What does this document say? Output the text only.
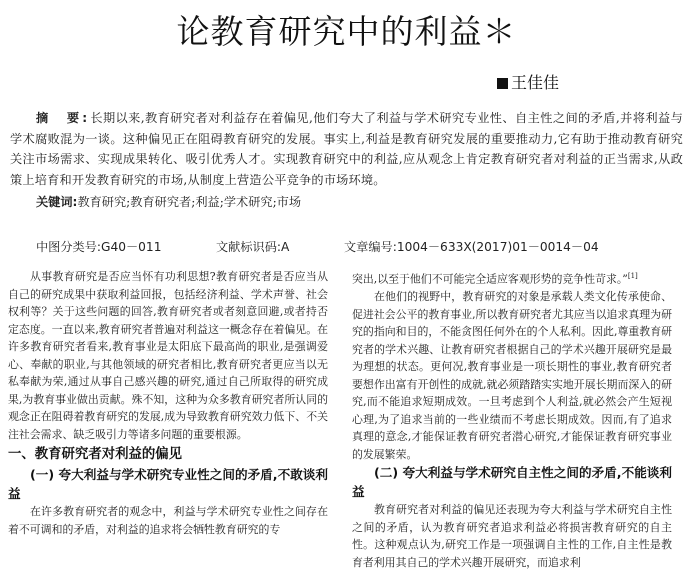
论教育研究中的利益＊
王佳佳

摘　要:长期以来,教育研究者对利益存在着偏见,他们夸大了利益与学术研究专业性、自主性之间的矛盾,并将利益与学术腐败混为一谈。这种偏见正在阻碍教育研究的发展。事实上,利益是教育研究发展的重要推动力,它有助于推动教育研究关注市场需求、实现成果转化、吸引优秀人才。实现教育研究中的利益,应从观念上肯定教育研究者对利益的正当需求,从政策上培育和开发教育研究的市场,从制度上营造公平竞争的市场环境。

关键词:教育研究;教育研究者;利益;学术研究;市场

中图分类号:G40－011	文献标识码:A	文章编号:1004－633X(2017)01－0014－04

从事教育研究是否应当怀有功利思想?教育研究者是否应当从自己的研究成果中获取利益回报，包括经济利益、学术声誉、社会权利等？关于这些问题的回答,教育研究者或者刻意回避,或者持否定态度。一直以来,教育研究者普遍对利益这一概念存在着偏见。在许多教育研究者看来,教育事业是太阳底下最高尚的职业,是强调爱心、奉献的职业,与其他领域的研究者相比,教育研究者更应当以无私奉献为荣,通过从事自己感兴趣的研究,通过自己所取得的研究成果,为教育事业做出贡献。殊不知，这种为众多教育研究者所认同的观念正在阻碍着教育研究的发展,成为导致教育研究效力低下、不关注社会需求、缺乏吸引力等诸多问题的重要根源。

一、教育研究者对利益的偏见
(一) 夸大利益与学术研究专业性之间的矛盾,不敢谈利益

在许多教育研究者的观念中，利益与学术研究专业性之间存在着不可调和的矛盾，对利益的追求将会牺牲教育研究的专

突出,以至于他们不可能完全适应客观形势的竞争性苛求。”[1]

在他们的视野中，教育研究的对象是承载人类文化传承使命、促进社会公平的教育事业,所以教育研究者尤其应当以追求真理为研究的指向和目的，不能贪图任何外在的个人私利。因此,尊重教育研究者的学术兴趣、让教育研究者根据自己的学术兴趣开展研究是最为理想的状态。更何况,教育事业是一项长期性的事业,教育研究者要想作出富有开创性的成就,就必须踏踏实实地开展长期而深入的研究,而不能追求短期成效。一旦考虑到个人利益,就必然会产生短视心理,为了追求当前的一些业绩而不考虑长期成效。因而,有了追求真理的意念,才能保证教育研究者潜心研究,才能保证教育研究事业的发展繁荣。

(二) 夸大利益与学术研究自主性之间的矛盾,不能谈利益

教育研究者对利益的偏见还表现为夸大利益与学术研究自主性之间的矛盾，认为教育研究者追求利益必将损害教育研究的自主性。这种观点认为,研究工作是一项强调自主性的工作,自主性是教育者利用其自己的学术兴趣开展研究，而追求利
